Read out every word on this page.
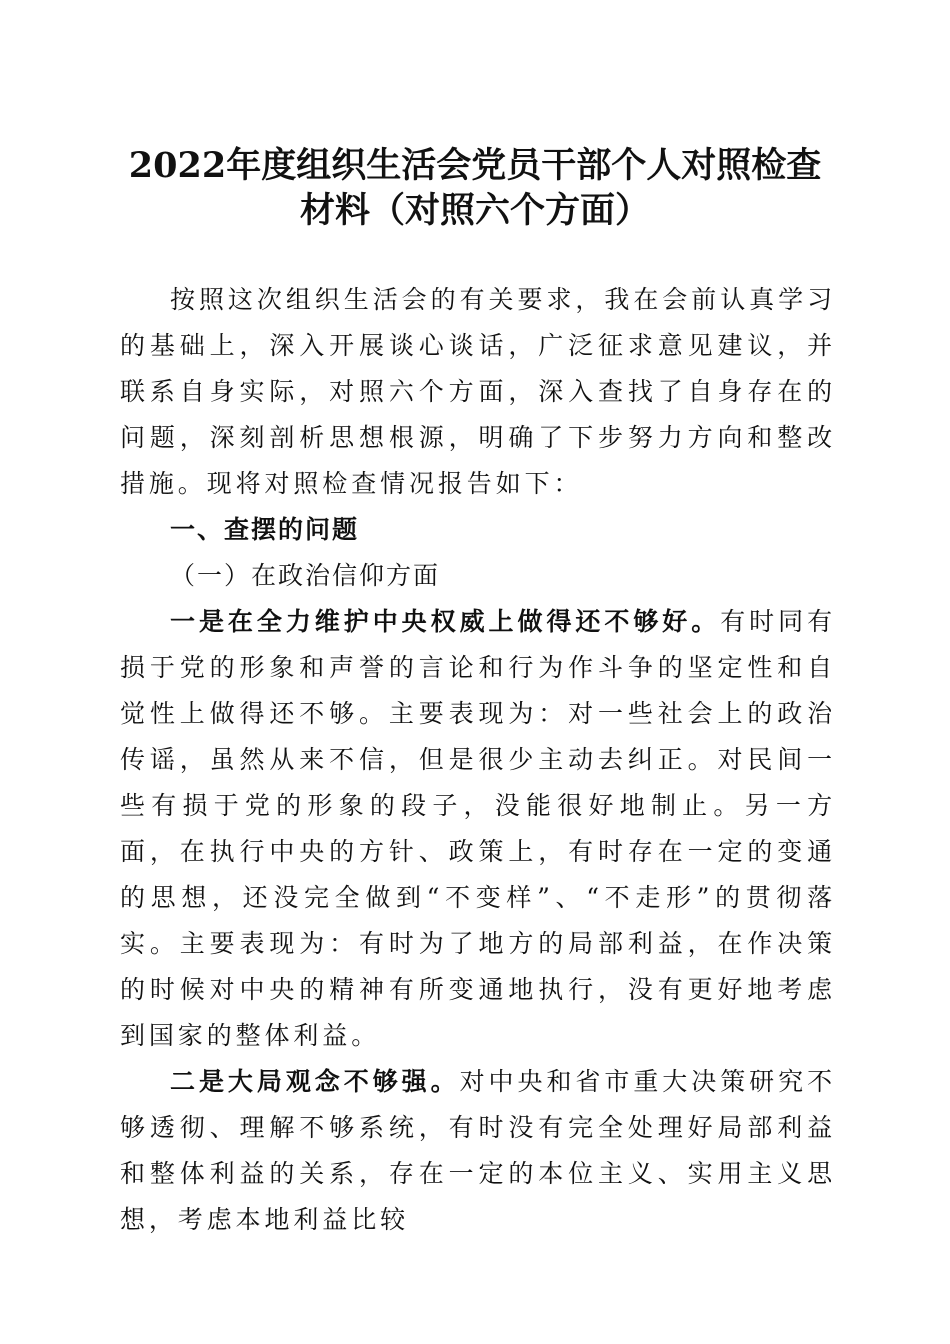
2022年度组织生活会党员干部个人对照检查
材料（对照六个方面）

按照这次组织生活会的有关要求，我在会前认真学习的基础上，深入开展谈心谈话，广泛征求意见建议，并联系自身实际，对照六个方面，深入查找了自身存在的问题，深刻剖析思想根源，明确了下步努力方向和整改措施。现将对照检查情况报告如下：

一、查摆的问题

（一）在政治信仰方面

一是在全力维护中央权威上做得还不够好。有时同有损于党的形象和声誉的言论和行为作斗争的坚定性和自觉性上做得还不够。主要表现为：对一些社会上的政治传谣，虽然从来不信，但是很少主动去纠正。对民间一些有损于党的形象的段子，没能很好地制止。另一方面，在执行中央的方针、政策上，有时存在一定的变通的思想，还没完全做到“不变样”、“不走形”的贯彻落实。主要表现为：有时为了地方的局部利益，在作决策的时候对中央的精神有所变通地执行，没有更好地考虑到国家的整体利益。

二是大局观念不够强。对中央和省市重大决策研究不够透彻、理解不够系统，有时没有完全处理好局部利益和整体利益的关系，存在一定的本位主义、实用主义思想，考虑本地利益比较
